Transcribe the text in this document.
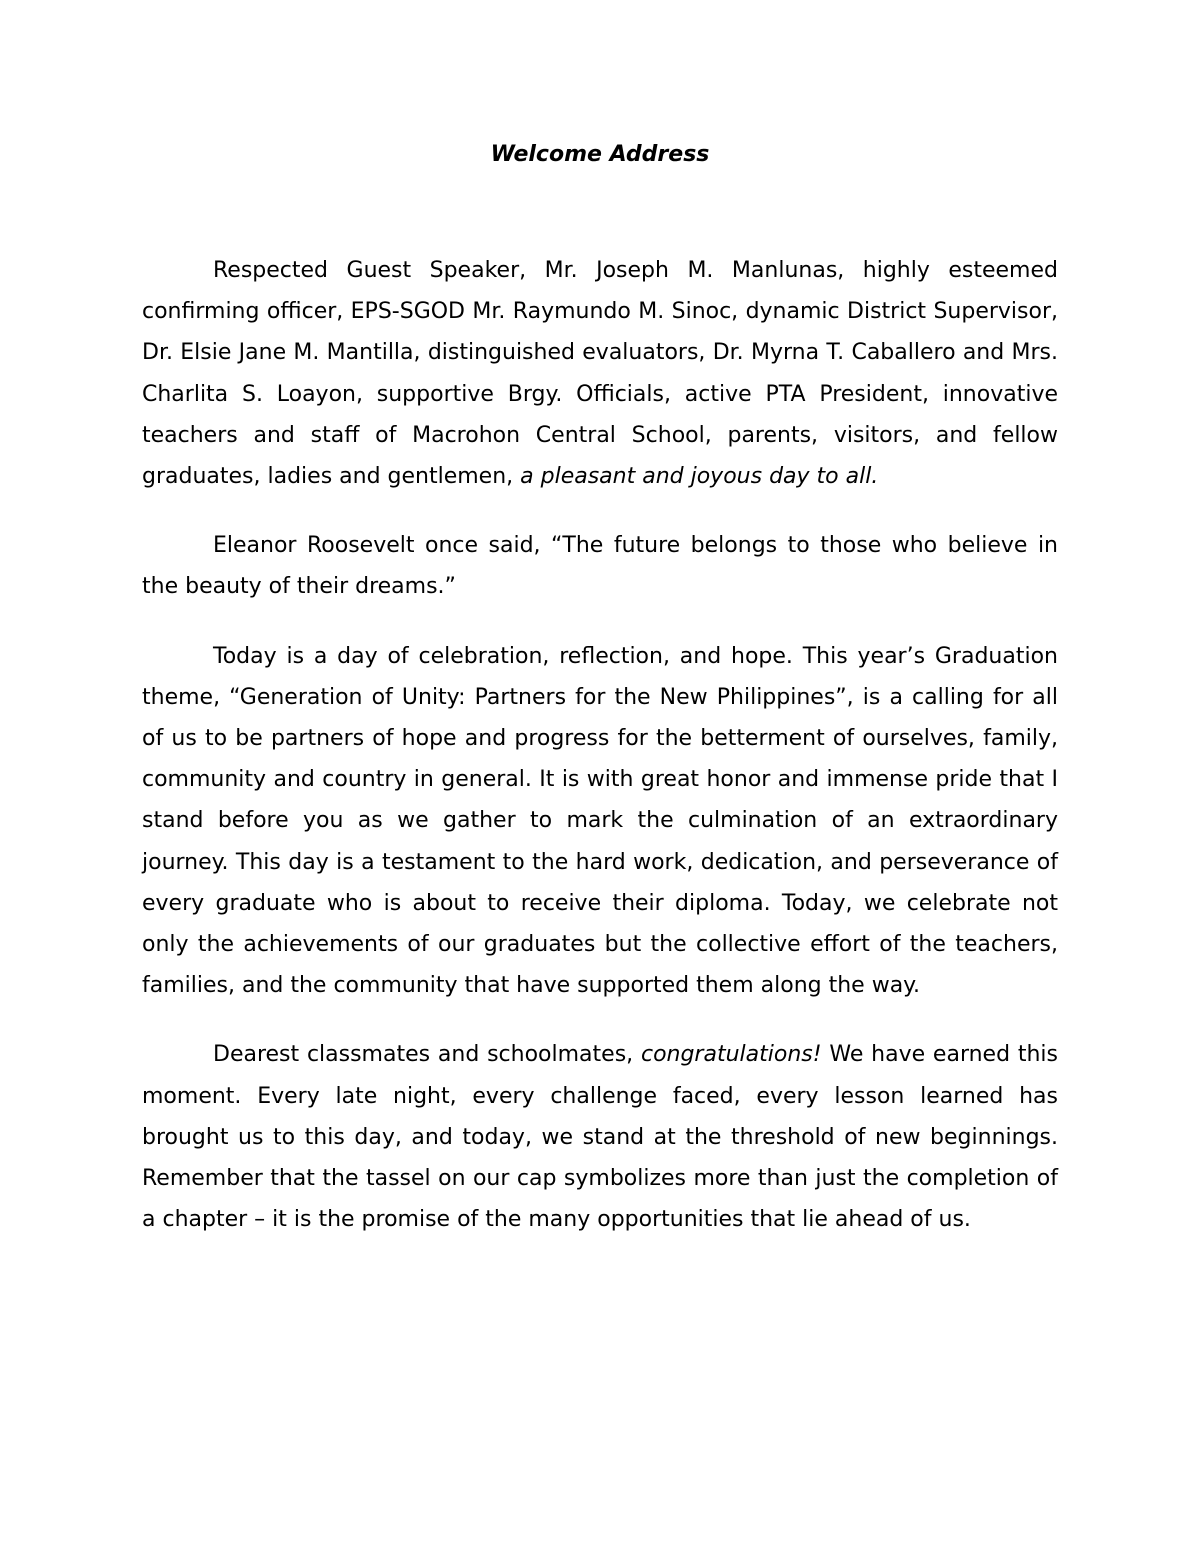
Welcome Address

Respected Guest Speaker, Mr. Joseph M. Manlunas, highly esteemed confirming officer, EPS-SGOD Mr. Raymundo M. Sinoc, dynamic District Supervisor, Dr. Elsie Jane M. Mantilla, distinguished evaluators, Dr. Myrna T. Caballero and Mrs. Charlita S. Loayon, supportive Brgy. Officials, active PTA President, innovative teachers and staff of Macrohon Central School, parents, visitors, and fellow graduates, ladies and gentlemen, a pleasant and joyous day to all.

Eleanor Roosevelt once said, “The future belongs to those who believe in the beauty of their dreams.”

Today is a day of celebration, reflection, and hope. This year’s Graduation theme, “Generation of Unity: Partners for the New Philippines”, is a calling for all of us to be partners of hope and progress for the betterment of ourselves, family, community and country in general. It is with great honor and immense pride that I stand before you as we gather to mark the culmination of an extraordinary journey. This day is a testament to the hard work, dedication, and perseverance of every graduate who is about to receive their diploma. Today, we celebrate not only the achievements of our graduates but the collective effort of the teachers, families, and the community that have supported them along the way.

Dearest classmates and schoolmates, congratulations! We have earned this moment. Every late night, every challenge faced, every lesson learned has brought us to this day, and today, we stand at the threshold of new beginnings. Remember that the tassel on our cap symbolizes more than just the completion of a chapter – it is the promise of the many opportunities that lie ahead of us.
